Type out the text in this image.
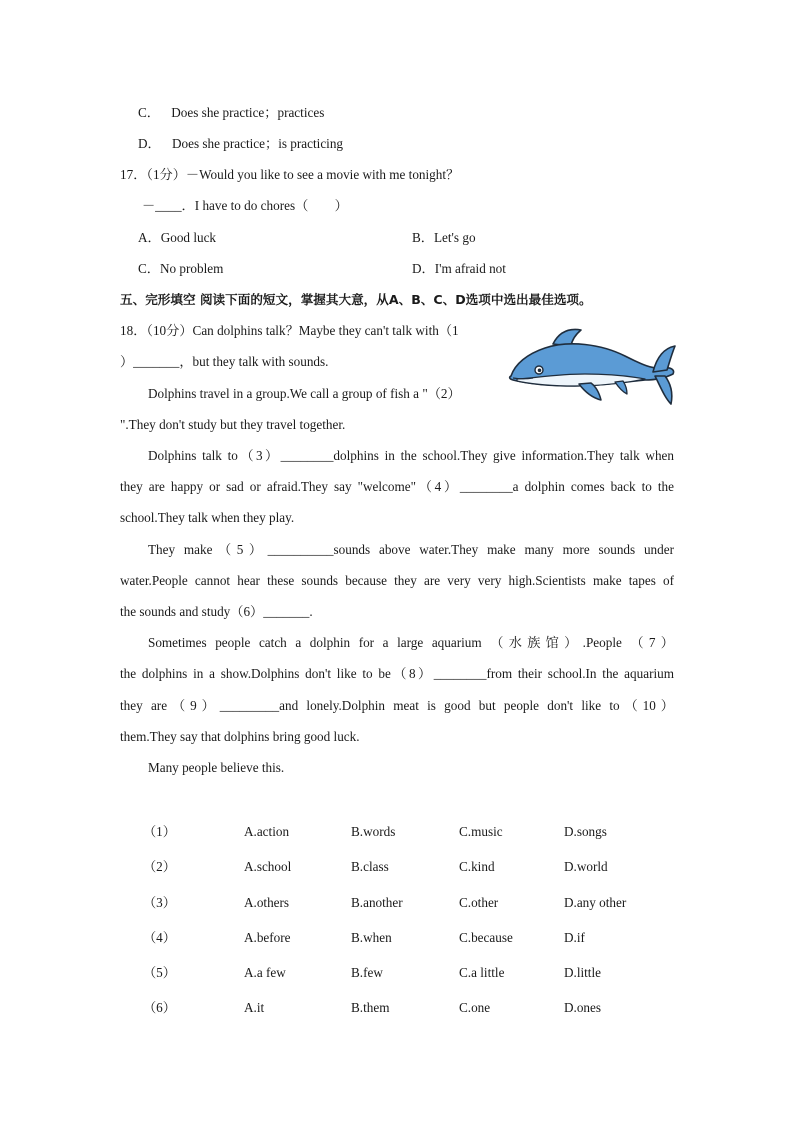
C． Does she practice；practices
D． Does she practice；is practicing
17．（1分）－Would you like to see a movie with me tonight？
－____．I have to do chores（　　）
A．Good luck	B．Let's go
C．No problem	D．I'm afraid not
五、完形填空 阅读下面的短文，掌握其大意，从A、B、C、D选项中选出最佳选项。
18．（10分）Can dolphins talk？Maybe they can't talk with（1
）_______，but they talk with sounds.
Dolphins travel in a group.We call a group of fish a "（2）
".They don't study but they travel together.
Dolphins talk to（3）________dolphins in the school.They give information.They talk when
they are happy or sad or afraid.They say "welcome"（4）________a dolphin comes back to the
school.They talk when they play.
They make（5）__________sounds above water.They make many more sounds under
water.People cannot hear these sounds because they are very very high.Scientists make tapes of
the sounds and study（6）_______.
Sometimes people catch a dolphin for a large aquarium （水族馆）.People （7）
the dolphins in a show.Dolphins don't like to be（8）________from their school.In the aquarium
they are（9）_________and lonely.Dolphin meat is good but people don't like to（10）
them.They say that dolphins bring good luck.
Many people believe this.
（1）	A.action	B.words	C.music	D.songs
（2）	A.school	B.class	C.kind	D.world
（3）	A.others	B.another	C.other	D.any other
（4）	A.before	B.when	C.because	D.if
（5）	A.a few	B.few	C.a little	D.little
（6）	A.it	B.them	C.one	D.ones
